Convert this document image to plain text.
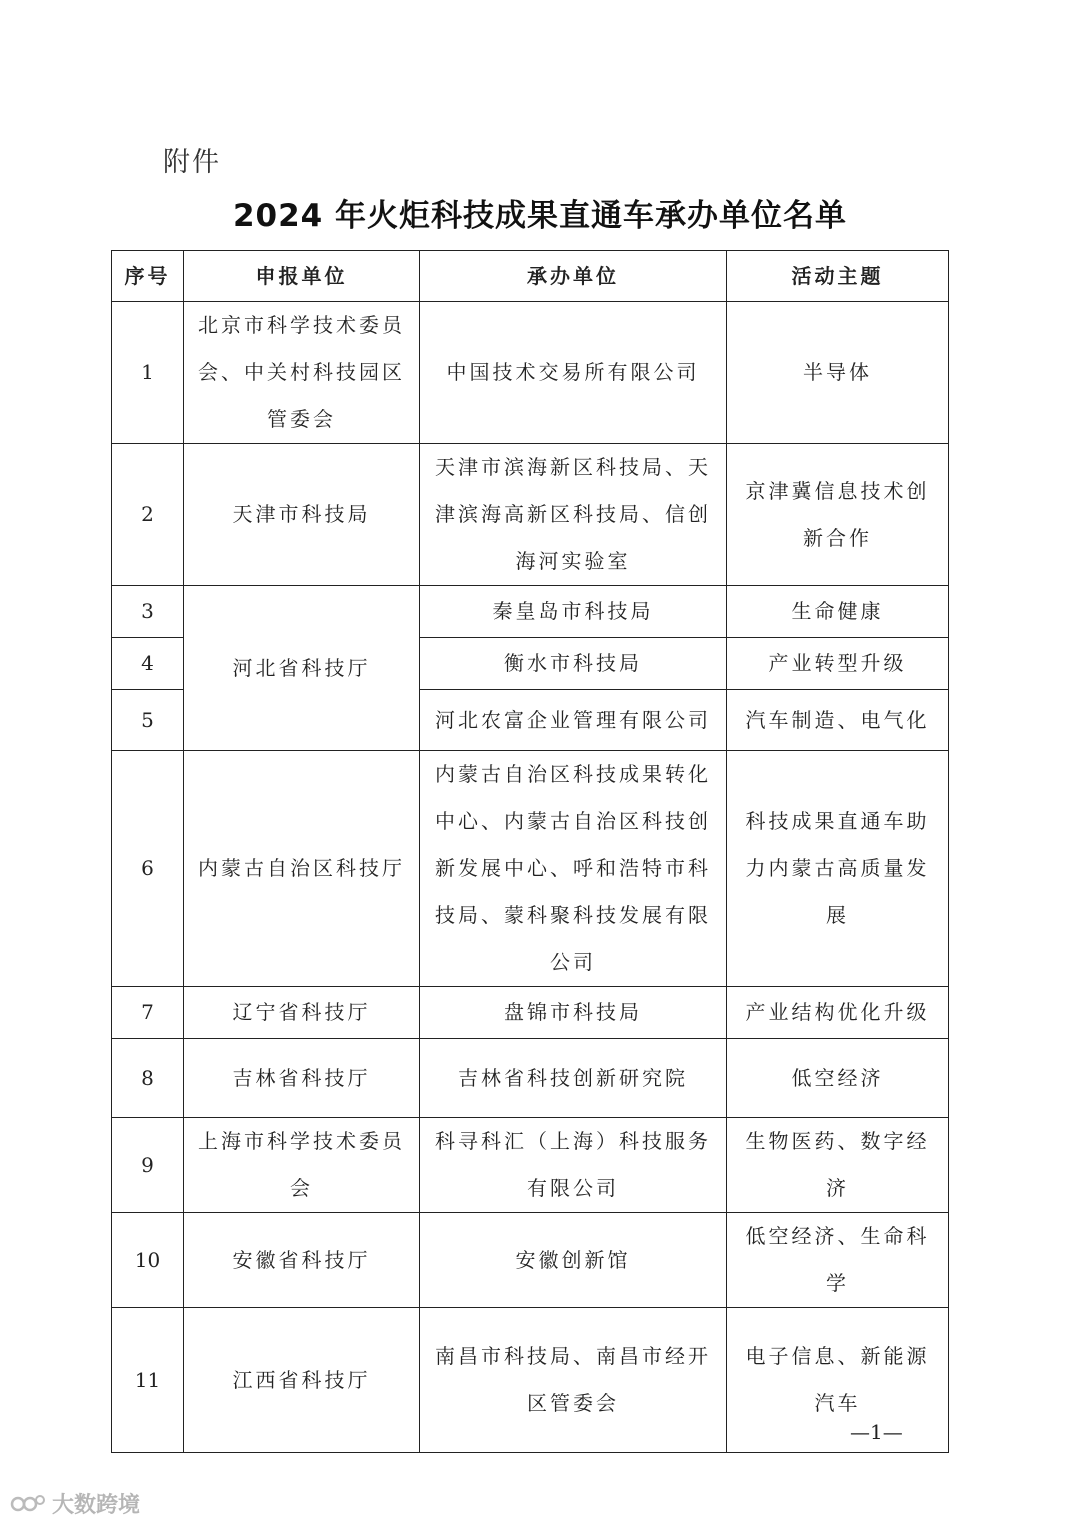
附件
2024 年火炬科技成果直通车承办单位名单
序号	申报单位	承办单位	活动主题
1	北京市科学技术委员会、中关村科技园区管委会	中国技术交易所有限公司	半导体
2	天津市科技局	天津市滨海新区科技局、天津滨海高新区科技局、信创海河实验室	京津冀信息技术创新合作
3	河北省科技厅	秦皇岛市科技局	生命健康
4		衡水市科技局	产业转型升级
5		河北农富企业管理有限公司	汽车制造、电气化
6	内蒙古自治区科技厅	内蒙古自治区科技成果转化中心、内蒙古自治区科技创新发展中心、呼和浩特市科技局、蒙科聚科技发展有限公司	科技成果直通车助力内蒙古高质量发展
7	辽宁省科技厅	盘锦市科技局	产业结构优化升级
8	吉林省科技厅	吉林省科技创新研究院	低空经济
9	上海市科学技术委员会	科寻科汇（上海）科技服务有限公司	生物医药、数字经济
10	安徽省科技厅	安徽创新馆	低空经济、生命科学
11	江西省科技厅	南昌市科技局、南昌市经开区管委会	电子信息、新能源汽车
—1—
大数跨境
